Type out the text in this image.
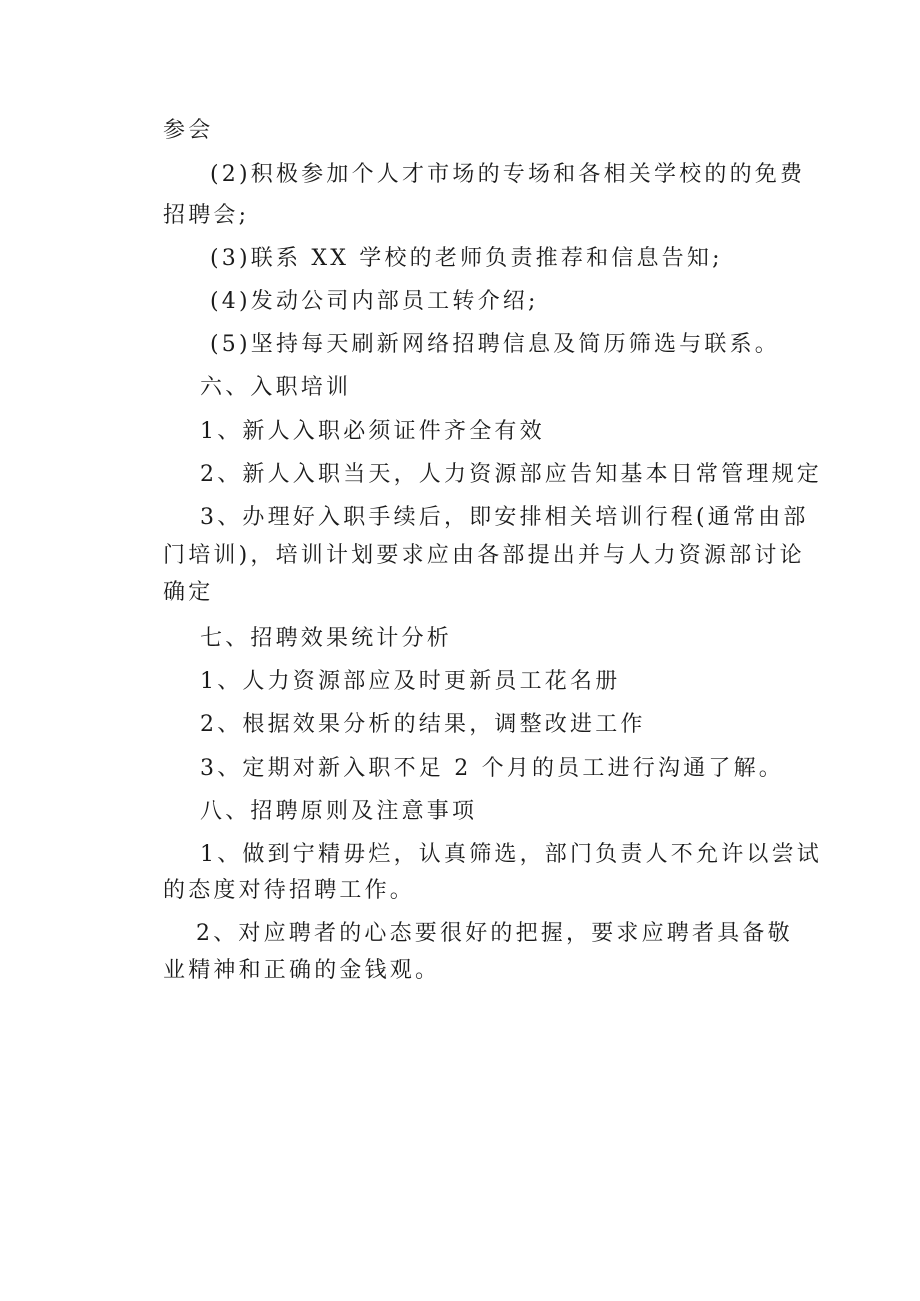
参会
(2)积极参加个人才市场的专场和各相关学校的的免费
招聘会;
(3)联系 XX 学校的老师负责推荐和信息告知;
(4)发动公司内部员工转介绍;
(5)坚持每天刷新网络招聘信息及简历筛选与联系。
六、入职培训
1、新人入职必须证件齐全有效
2、新人入职当天，人力资源部应告知基本日常管理规定
3、办理好入职手续后，即安排相关培训行程(通常由部
门培训)，培训计划要求应由各部提出并与人力资源部讨论
确定
七、招聘效果统计分析
1、人力资源部应及时更新员工花名册
2、根据效果分析的结果，调整改进工作
3、定期对新入职不足 2 个月的员工进行沟通了解。
八、招聘原则及注意事项
1、做到宁精毋烂，认真筛选，部门负责人不允许以尝试
的态度对待招聘工作。
2、对应聘者的心态要很好的把握，要求应聘者具备敬
业精神和正确的金钱观。
